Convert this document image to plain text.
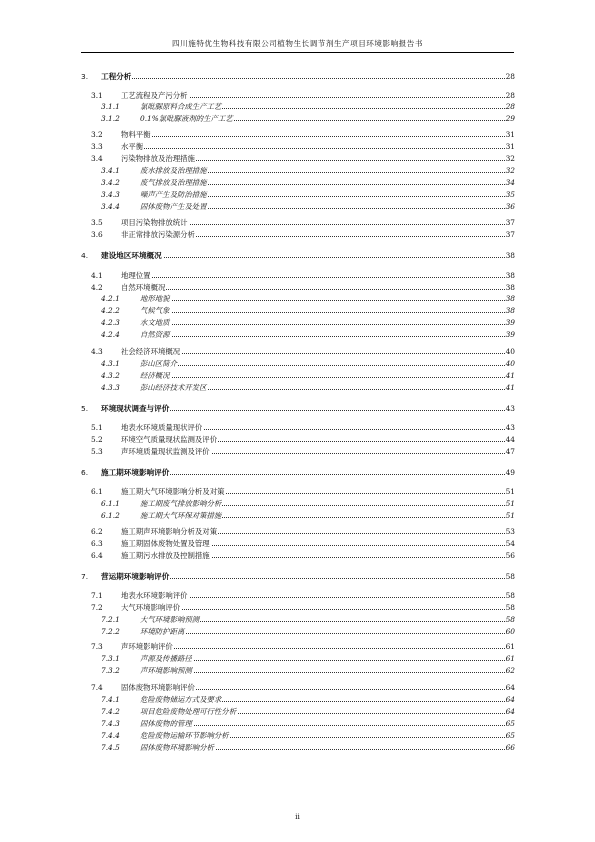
四川施特优生物科技有限公司植物生长调节剂生产项目环境影响报告书
3. 工程分析	28
3.1 工艺流程及产污分析	28
3.1.1	氯吡脲原料合成生产工艺	28
3.1.2	0.1%氯吡脲液剂的生产工艺	29
3.2 物料平衡	31
3.3 水平衡	31
3.4 污染物排放及治理措施	32
3.4.1	废水排放及治理措施	32
3.4.2	废气排放及治理措施	34
3.4.3	噪声产生及防治措施	35
3.4.4	固体废物产生及处置	36
3.5 项目污染物排放统计	37
3.6 非正常排放污染源分析	37
4. 建设地区环境概况	38
4.1 地理位置	38
4.2 自然环境概况	38
4.2.1	地形地貌	38
4.2.2	气候气象	38
4.2.3	水文地质	39
4.2.4	自然资源	39
4.3 社会经济环境概况	40
4.3.1	彭山区简介	40
4.3.2	经济概况	41
4.3.3	彭山经济技术开发区	41
5. 环境现状调查与评价	43
5.1 地表水环境质量现状评价	43
5.2 环境空气质量现状监测及评价	44
5.3 声环境质量现状监测及评价	47
6. 施工期环境影响评价	49
6.1 施工期大气环境影响分析及对策	51
6.1.1	施工期废气排放影响分析	51
6.1.2	施工期大气环保对策措施	51
6.2 施工期声环境影响分析及对策	53
6.3 施工期固体废物处置及管理	54
6.4 施工期污水排放及控制措施	56
7. 营运期环境影响评价	58
7.1 地表水环境影响评价	58
7.2 大气环境影响评价	58
7.2.1	大气环境影响预测	58
7.2.2	环境防护距离	60
7.3 声环境影响评价	61
7.3.1	声源及传播路径	61
7.3.2	声环境影响预测	62
7.4 固体废物环境影响评价	64
7.4.1	危险废物储运方式及要求	64
7.4.2	项目危险废物处理可行性分析	64
7.4.3	固体废物的管理	65
7.4.4	危险废物运输环节影响分析	65
7.4.5	固体废物环境影响分析	66
ii
